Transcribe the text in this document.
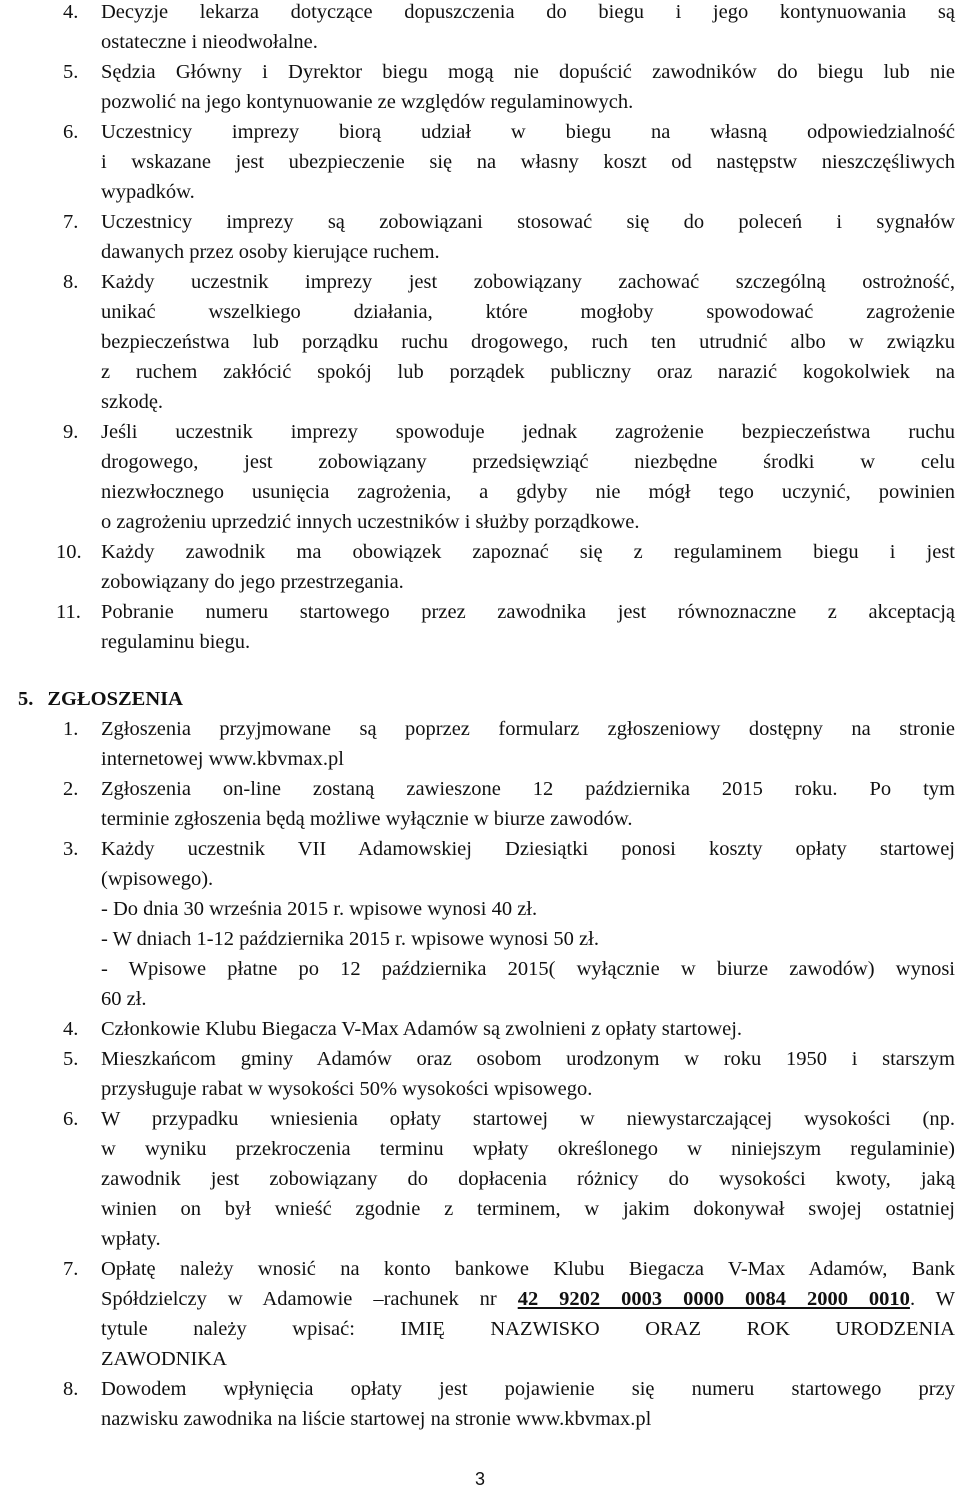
4. Decyzje lekarza dotyczące dopuszczenia do biegu i jego kontynuowania są
ostateczne i nieodwołalne.
5. Sędzia Główny i Dyrektor biegu mogą nie dopuścić zawodników do biegu lub nie
pozwolić na jego kontynuowanie ze względów regulaminowych.
6. Uczestnicy imprezy biorą udział w biegu na własną odpowiedzialność
i wskazane jest ubezpieczenie się na własny koszt od następstw nieszczęśliwych
wypadków.
7. Uczestnicy imprezy są zobowiązani stosować się do poleceń i sygnałów
dawanych przez osoby kierujące ruchem.
8. Każdy uczestnik imprezy jest zobowiązany zachować szczególną ostrożność,
unikać wszelkiego działania, które mogłoby spowodować zagrożenie
bezpieczeństwa lub porządku ruchu drogowego, ruch ten utrudnić albo w związku
z ruchem zakłócić spokój lub porządek publiczny oraz narazić kogokolwiek na
szkodę.
9. Jeśli uczestnik imprezy spowoduje jednak zagrożenie bezpieczeństwa ruchu
drogowego, jest zobowiązany przedsięwziąć niezbędne środki w celu
niezwłocznego usunięcia zagrożenia, a gdyby nie mógł tego uczynić, powinien
o zagrożeniu uprzedzić innych uczestników i służby porządkowe.
10. Każdy zawodnik ma obowiązek zapoznać się z regulaminem biegu i jest
zobowiązany do jego przestrzegania.
11. Pobranie numeru startowego przez zawodnika jest równoznaczne z akceptacją
regulaminu biegu.
5. ZGŁOSZENIA
1. Zgłoszenia przyjmowane są poprzez formularz zgłoszeniowy dostępny na stronie
internetowej www.kbvmax.pl
2. Zgłoszenia on-line zostaną zawieszone 12 października 2015 roku. Po tym
terminie zgłoszenia będą możliwe wyłącznie w biurze zawodów.
3. Każdy uczestnik VII Adamowskiej Dziesiątki ponosi koszty opłaty startowej
(wpisowego).
- Do dnia 30 września 2015 r. wpisowe wynosi 40 zł.
- W dniach 1-12 października 2015 r. wpisowe wynosi 50 zł.
- Wpisowe płatne po 12 października 2015( wyłącznie w biurze zawodów) wynosi
60 zł.
4. Członkowie Klubu Biegacza V-Max Adamów są zwolnieni z opłaty startowej.
5. Mieszkańcom gminy Adamów oraz osobom urodzonym w roku 1950 i starszym
przysługuje rabat w wysokości 50% wysokości wpisowego.
6. W przypadku wniesienia opłaty startowej w niewystarczającej wysokości (np.
w wyniku przekroczenia terminu wpłaty określonego w niniejszym regulaminie)
zawodnik jest zobowiązany do dopłacenia różnicy do wysokości kwoty, jaką
winien on był wnieść zgodnie z terminem, w jakim dokonywał swojej ostatniej
wpłaty.
7. Opłatę należy wnosić na konto bankowe Klubu Biegacza V-Max Adamów, Bank
Spółdzielczy w Adamowie –rachunek nr 42 9202 0003 0000 0084 2000 0010. W
tytule należy wpisać: IMIĘ NAZWISKO ORAZ ROK URODZENIA
ZAWODNIKA
8. Dowodem wpłynięcia opłaty jest pojawienie się numeru startowego przy
nazwisku zawodnika na liście startowej na stronie www.kbvmax.pl
3
